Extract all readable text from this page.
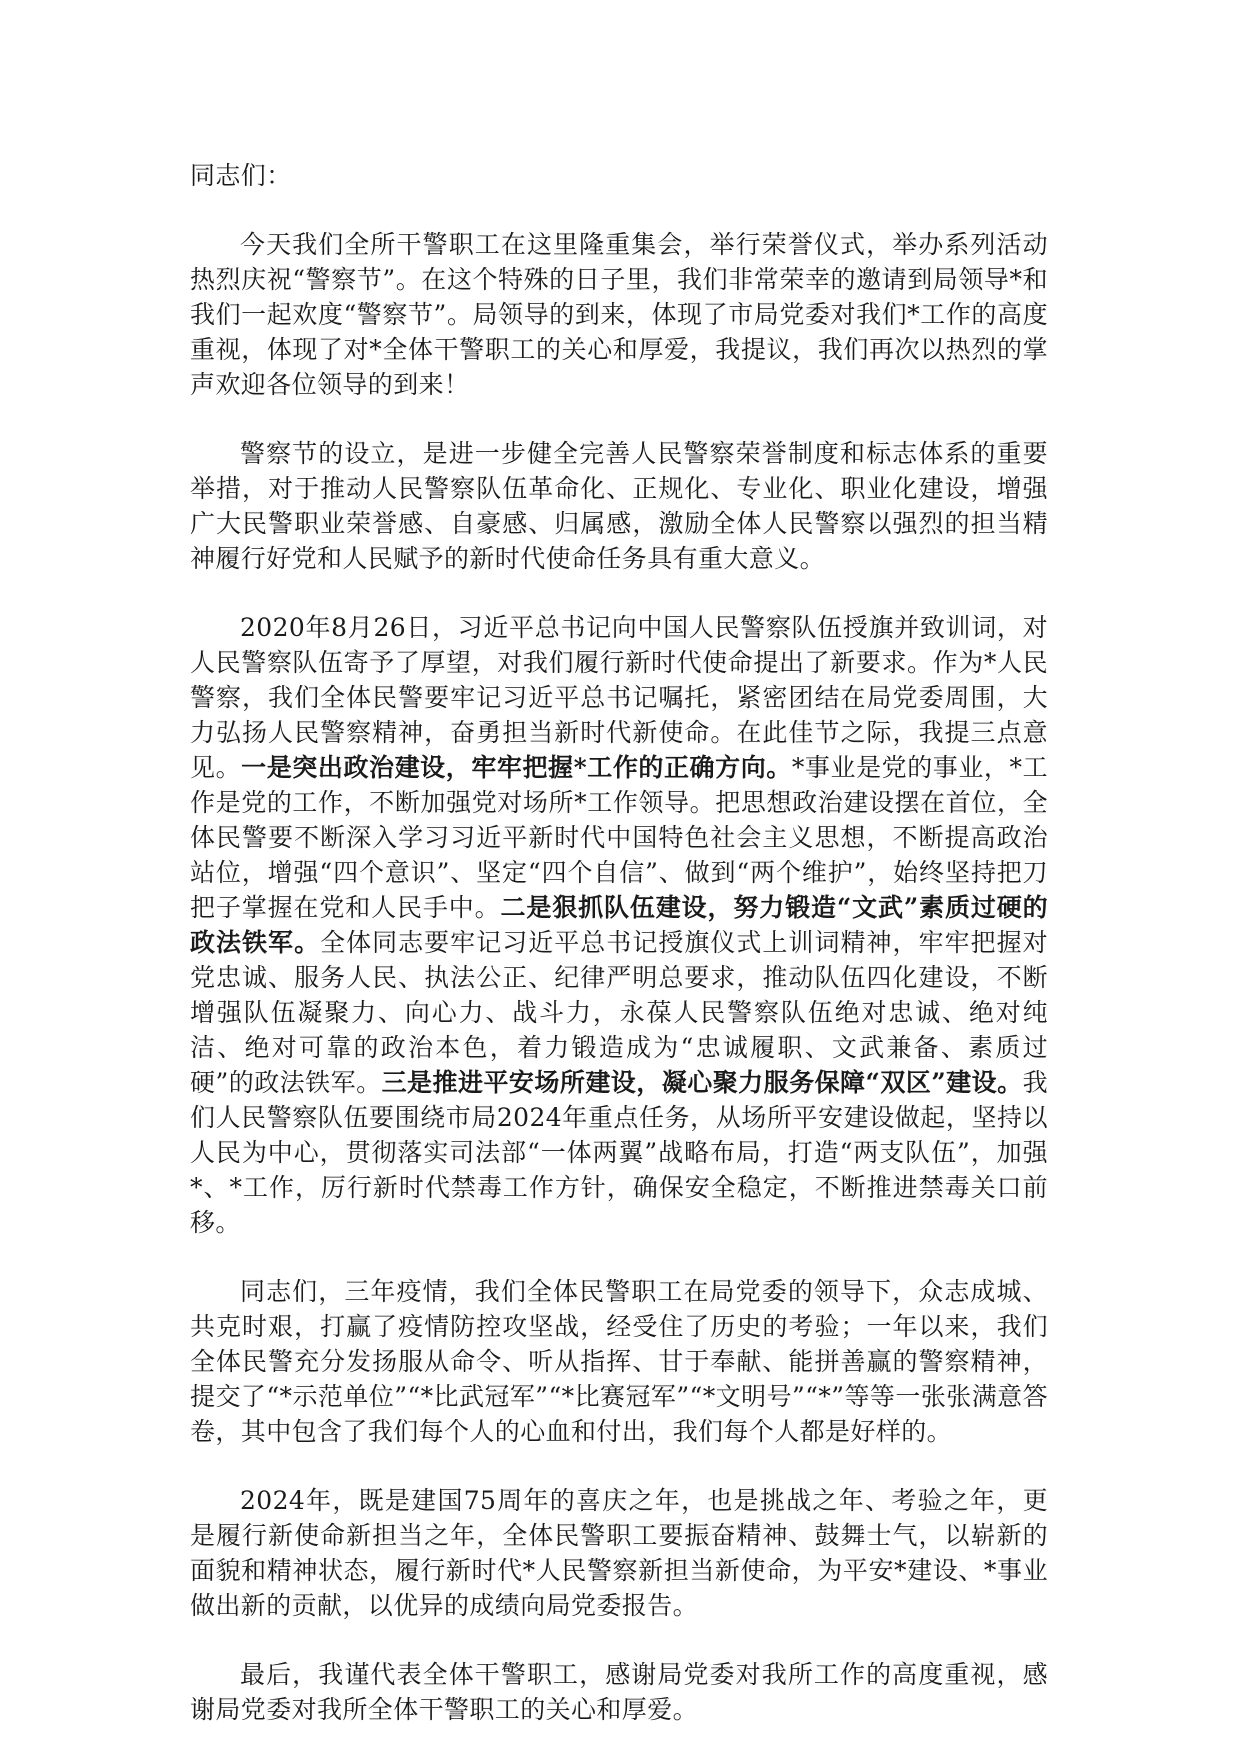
同志们：

今天我们全所干警职工在这里隆重集会，举行荣誉仪式，举办系列活动热烈庆祝“警察节”。在这个特殊的日子里，我们非常荣幸的邀请到局领导*和我们一起欢度“警察节”。局领导的到来，体现了市局党委对我们*工作的高度重视，体现了对*全体干警职工的关心和厚爱，我提议，我们再次以热烈的掌声欢迎各位领导的到来！

警察节的设立，是进一步健全完善人民警察荣誉制度和标志体系的重要举措，对于推动人民警察队伍革命化、正规化、专业化、职业化建设，增强广大民警职业荣誉感、自豪感、归属感，激励全体人民警察以强烈的担当精神履行好党和人民赋予的新时代使命任务具有重大意义。

2020年8月26日，习近平总书记向中国人民警察队伍授旗并致训词，对人民警察队伍寄予了厚望，对我们履行新时代使命提出了新要求。作为*人民警察，我们全体民警要牢记习近平总书记嘱托，紧密团结在局党委周围，大力弘扬人民警察精神，奋勇担当新时代新使命。在此佳节之际，我提三点意见。一是突出政治建设，牢牢把握*工作的正确方向。*事业是党的事业，*工作是党的工作，不断加强党对场所*工作领导。把思想政治建设摆在首位，全体民警要不断深入学习习近平新时代中国特色社会主义思想，不断提高政治站位，增强“四个意识”、坚定“四个自信”、做到“两个维护”，始终坚持把刀把子掌握在党和人民手中。二是狠抓队伍建设，努力锻造“文武”素质过硬的政法铁军。全体同志要牢记习近平总书记授旗仪式上训词精神，牢牢把握对党忠诚、服务人民、执法公正、纪律严明总要求，推动队伍四化建设，不断增强队伍凝聚力、向心力、战斗力，永葆人民警察队伍绝对忠诚、绝对纯洁、绝对可靠的政治本色，着力锻造成为“忠诚履职、文武兼备、素质过硬”的政法铁军。三是推进平安场所建设，凝心聚力服务保障“双区”建设。我们人民警察队伍要围绕市局2024年重点任务，从场所平安建设做起，坚持以人民为中心，贯彻落实司法部“一体两翼”战略布局，打造“两支队伍”，加强*、*工作，厉行新时代禁毒工作方针，确保安全稳定，不断推进禁毒关口前移。

同志们，三年疫情，我们全体民警职工在局党委的领导下，众志成城、共克时艰，打赢了疫情防控攻坚战，经受住了历史的考验；一年以来，我们全体民警充分发扬服从命令、听从指挥、甘于奉献、能拼善赢的警察精神，提交了“*示范单位”“*比武冠军”“*比赛冠军”“*文明号”“*”等等一张张满意答卷，其中包含了我们每个人的心血和付出，我们每个人都是好样的。

2024年，既是建国75周年的喜庆之年，也是挑战之年、考验之年，更是履行新使命新担当之年，全体民警职工要振奋精神、鼓舞士气，以崭新的面貌和精神状态，履行新时代*人民警察新担当新使命，为平安*建设、*事业做出新的贡献，以优异的成绩向局党委报告。

最后，我谨代表全体干警职工，感谢局党委对我所工作的高度重视，感谢局党委对我所全体干警职工的关心和厚爱。
